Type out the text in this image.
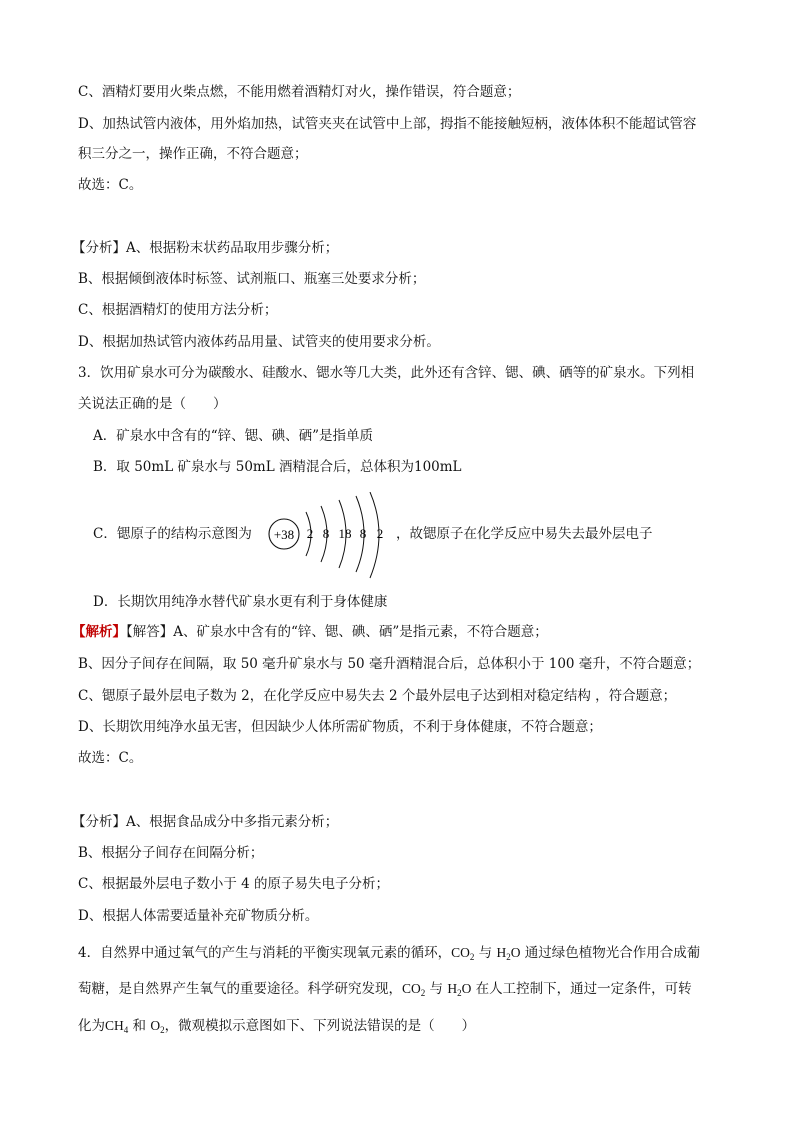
C、酒精灯要用火柴点燃，不能用燃着酒精灯对火，操作错误，符合题意；
D、加热试管内液体，用外焰加热，试管夹夹在试管中上部，拇指不能接触短柄，液体体积不能超试管容
积三分之一，操作正确，不符合题意；
故选：C。
【分析】A、根据粉末状药品取用步骤分析；
B、根据倾倒液体时标签、试剂瓶口、瓶塞三处要求分析；
C、根据酒精灯的使用方法分析；
D、根据加热试管内液体药品用量、试管夹的使用要求分析。
3．饮用矿泉水可分为碳酸水、硅酸水、锶水等几大类，此外还有含锌、锶、碘、硒等的矿泉水。下列相
关说法正确的是（　　）
A．矿泉水中含有的“锌、锶、碘、硒”是指单质
B．取 50mL 矿泉水与 50mL 酒精混合后，总体积为100mL
C．锶原子的结构示意图为 +38 2 8 18 8 2 ，故锶原子在化学反应中易失去最外层电子
D．长期饮用纯净水替代矿泉水更有利于身体健康
【解析】【解答】A、矿泉水中含有的“锌、锶、碘、硒”是指元素，不符合题意；
B、因分子间存在间隔，取 50 毫升矿泉水与 50 毫升酒精混合后，总体积小于 100 毫升，不符合题意；
C、锶原子最外层电子数为 2，在化学反应中易失去 2 个最外层电子达到相对稳定结构 ，符合题意；
D、长期饮用纯净水虽无害，但因缺少人体所需矿物质，不利于身体健康，不符合题意；
故选：C。
【分析】A、根据食品成分中多指元素分析；
B、根据分子间存在间隔分析；
C、根据最外层电子数小于 4 的原子易失电子分析；
D、根据人体需要适量补充矿物质分析。
4．自然界中通过氧气的产生与消耗的平衡实现氧元素的循环，$CO_2$ 与 $H_2O$ 通过绿色植物光合作用合成葡
萄糖，是自然界产生氧气的重要途径。科学研究发现，$CO_2$ 与 $H_2O$ 在人工控制下，通过一定条件，可转
化为$CH_4$ 和 $O_2$，微观模拟示意图如下、下列说法错误的是（　　）
